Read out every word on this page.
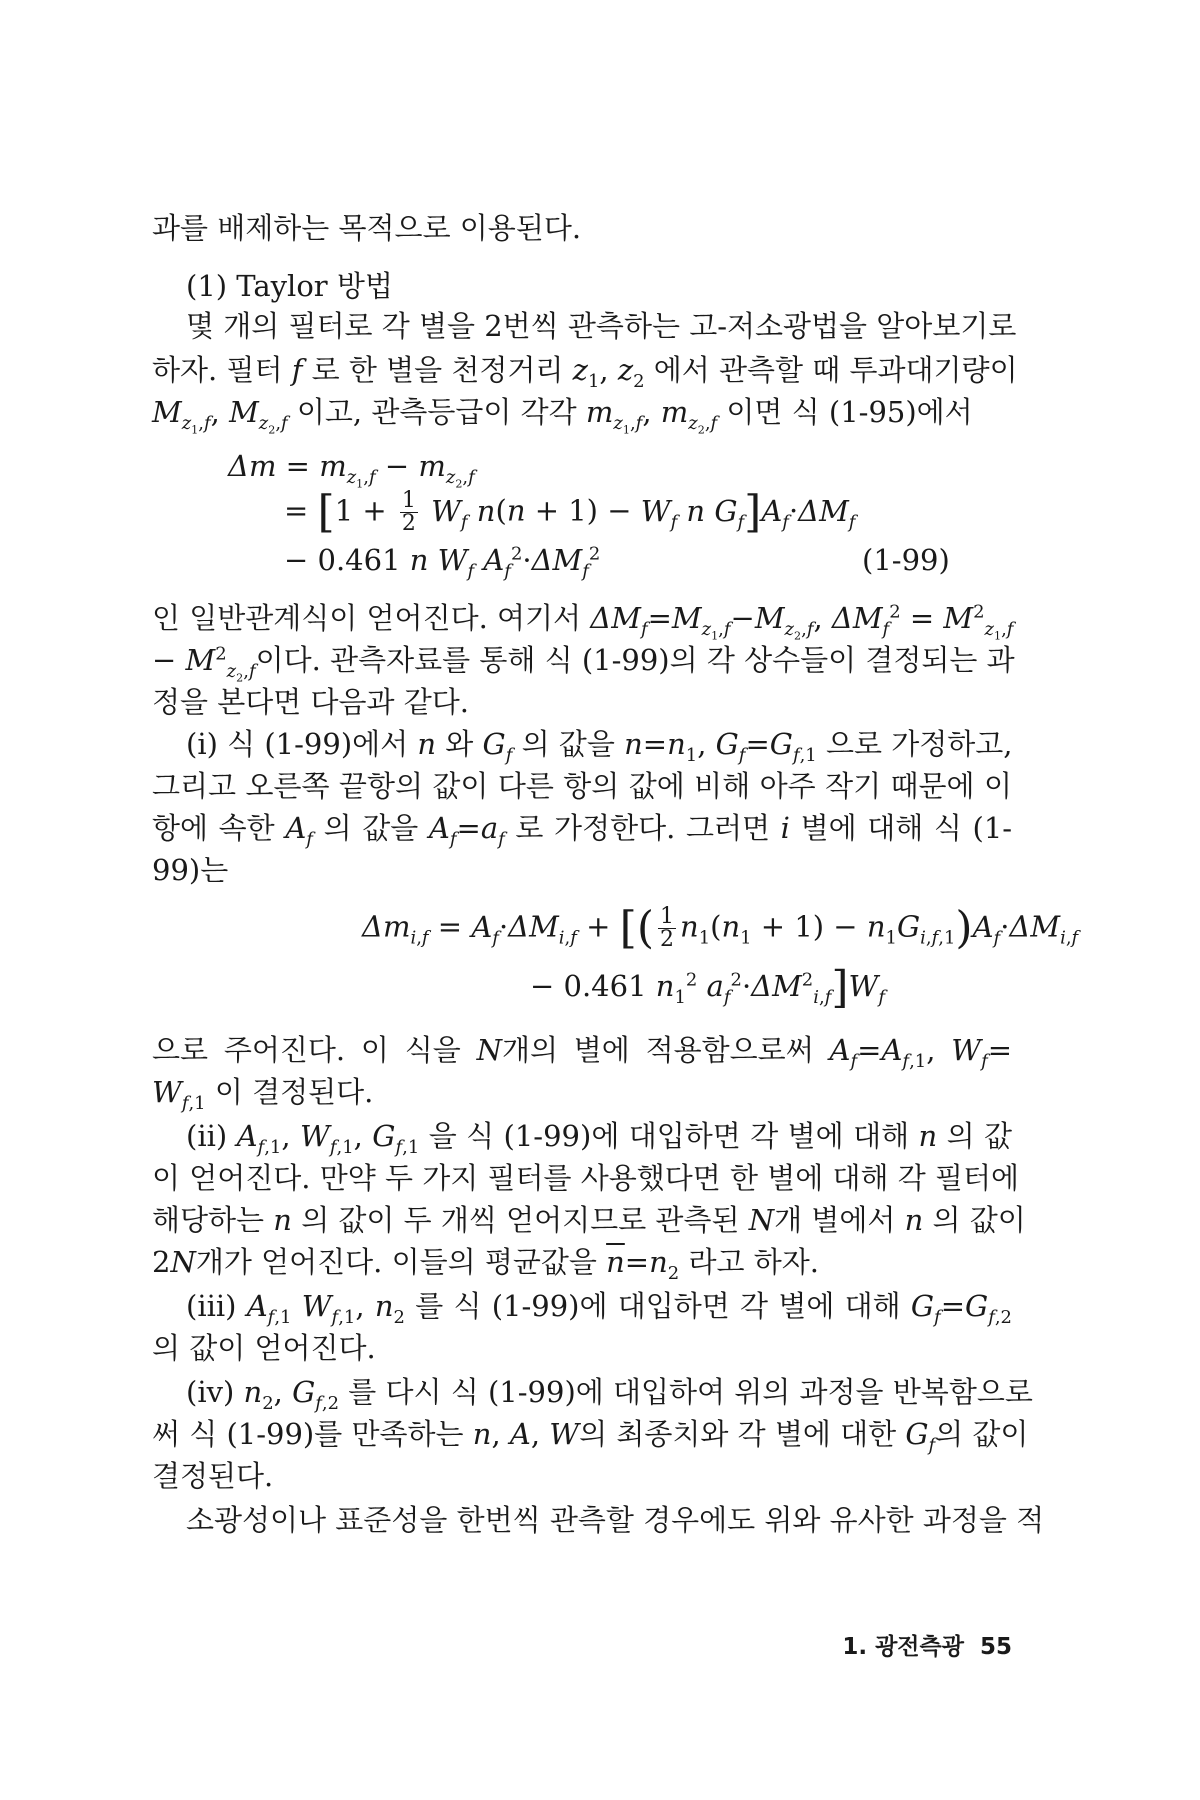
과를 배제하는 목적으로 이용된다.
(1) Taylor 방법
몇 개의 필터로 각 별을 2번씩 관측하는 고-저소광법을 알아보기로
하자. 필터 f 로 한 별을 천정거리 $z_1$, $z_2$ 에서 관측할 때 투과대기량이
$M_{z_1,f}$, $M_{z_2,f}$ 이고, 관측등급이 각각 $m_{z_1,f}$, $m_{z_2,f}$ 이면 식 (1-95)에서
$\Delta m = m_{z_1,f} - m_{z_2,f}$
= [$1 + \frac{1}{2} W_f$ $n(n + 1) - W_f$ n $G_f]A_f\cdot\Delta M_f$
− 0.461 n $W_f$ $A_f^2\cdot\Delta M_f^2$	(1-99)
인 일반관계식이 얻어진다. 여기서 $\Delta M_f=M_{z_1,f}-M_{z_2,f}$, $\Delta M_f^2 = M^2_{z_1,f}$
− $M^2_{z_2,f}$이다. 관측자료를 통해 식 (1-99)의 각 상수들이 결정되는 과
정을 본다면 다음과 같다.
(i) 식 (1-99)에서 n 와 $G_f$ 의 값을 $n=n_1$, $G_f=G_{f,1}$ 으로 가정하고,
그리고 오른쪽 끝항의 값이 다른 항의 값에 비해 아주 작기 때문에 이
항에 속한 $A_f$ 의 값을 $A_f=a_f$ 로 가정한다. 그러면 i 별에 대해 식 (1-
99)는
$\Delta m_{i,f} = A_f\cdot\Delta M_{i,f}$ + [( $\frac{1}{2} n_1(n_1 + 1) - n_1G_{i,f,1})A_f\cdot\Delta M_{i,f}$
− 0.461 $n_1^2$ $a_f^2\cdot\Delta M^2_{i,f}]W_f$
으로 주어진다. 이 식을 N개의 별에 적용함으로써 $A_f=A_{f,1}$, $W_f=$
$W_{f,1}$ 이 결정된다.
(ii) $A_{f,1}$, $W_{f,1}$, $G_{f,1}$ 을 식 (1-99)에 대입하면 각 별에 대해 n 의 값
이 얻어진다. 만약 두 가지 필터를 사용했다면 한 별에 대해 각 필터에
해당하는 n 의 값이 두 개씩 얻어지므로 관측된 N개 별에서 n 의 값이
2N개가 얻어진다. 이들의 평균값을 $\overline{n}=n_2$ 라고 하자.
(iii) $A_{f,1}$ $W_{f,1}$, $n_2$ 를 식 (1-99)에 대입하면 각 별에 대해 $G_f=G_{f,2}$
의 값이 얻어진다.
(iv) $n_2$, $G_{f,2}$ 를 다시 식 (1-99)에 대입하여 위의 과정을 반복함으로
써 식 (1-99)를 만족하는 n, A, W의 최종치와 각 별에 대한 $G_f$의 값이
결정된다.
소광성이나 표준성을 한번씩 관측할 경우에도 위와 유사한 과정을 적
1. 광전측광 55
